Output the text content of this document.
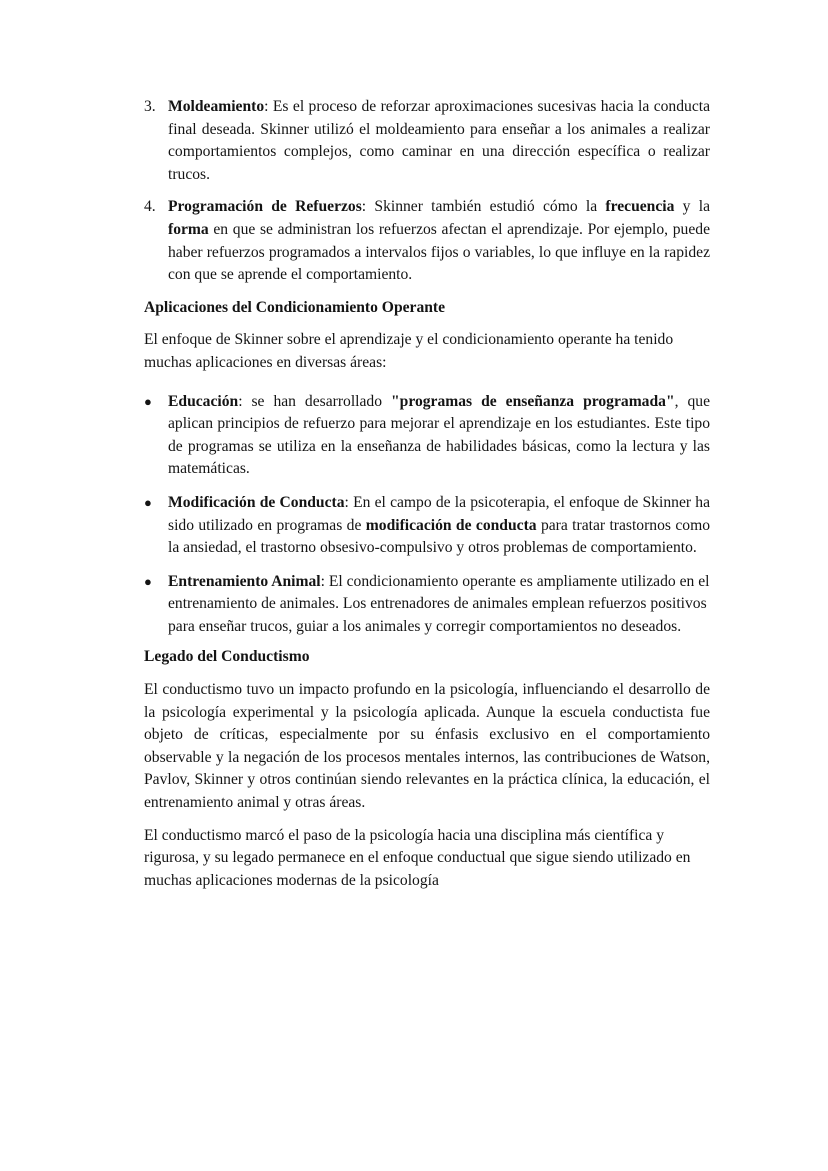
3. Moldeamiento: Es el proceso de reforzar aproximaciones sucesivas hacia la conducta final deseada. Skinner utilizó el moldeamiento para enseñar a los animales a realizar comportamientos complejos, como caminar en una dirección específica o realizar trucos.

4. Programación de Refuerzos: Skinner también estudió cómo la frecuencia y la forma en que se administran los refuerzos afectan el aprendizaje. Por ejemplo, puede haber refuerzos programados a intervalos fijos o variables, lo que influye en la rapidez con que se aprende el comportamiento.

Aplicaciones del Condicionamiento Operante

El enfoque de Skinner sobre el aprendizaje y el condicionamiento operante ha tenido muchas aplicaciones en diversas áreas:

● Educación: se han desarrollado "programas de enseñanza programada", que aplican principios de refuerzo para mejorar el aprendizaje en los estudiantes. Este tipo de programas se utiliza en la enseñanza de habilidades básicas, como la lectura y las matemáticas.

● Modificación de Conducta: En el campo de la psicoterapia, el enfoque de Skinner ha sido utilizado en programas de modificación de conducta para tratar trastornos como la ansiedad, el trastorno obsesivo-compulsivo y otros problemas de comportamiento.

● Entrenamiento Animal: El condicionamiento operante es ampliamente utilizado en el entrenamiento de animales. Los entrenadores de animales emplean refuerzos positivos para enseñar trucos, guiar a los animales y corregir comportamientos no deseados.

Legado del Conductismo

El conductismo tuvo un impacto profundo en la psicología, influenciando el desarrollo de la psicología experimental y la psicología aplicada. Aunque la escuela conductista fue objeto de críticas, especialmente por su énfasis exclusivo en el comportamiento observable y la negación de los procesos mentales internos, las contribuciones de Watson, Pavlov, Skinner y otros continúan siendo relevantes en la práctica clínica, la educación, el entrenamiento animal y otras áreas.

El conductismo marcó el paso de la psicología hacia una disciplina más científica y rigurosa, y su legado permanece en el enfoque conductual que sigue siendo utilizado en muchas aplicaciones modernas de la psicología
